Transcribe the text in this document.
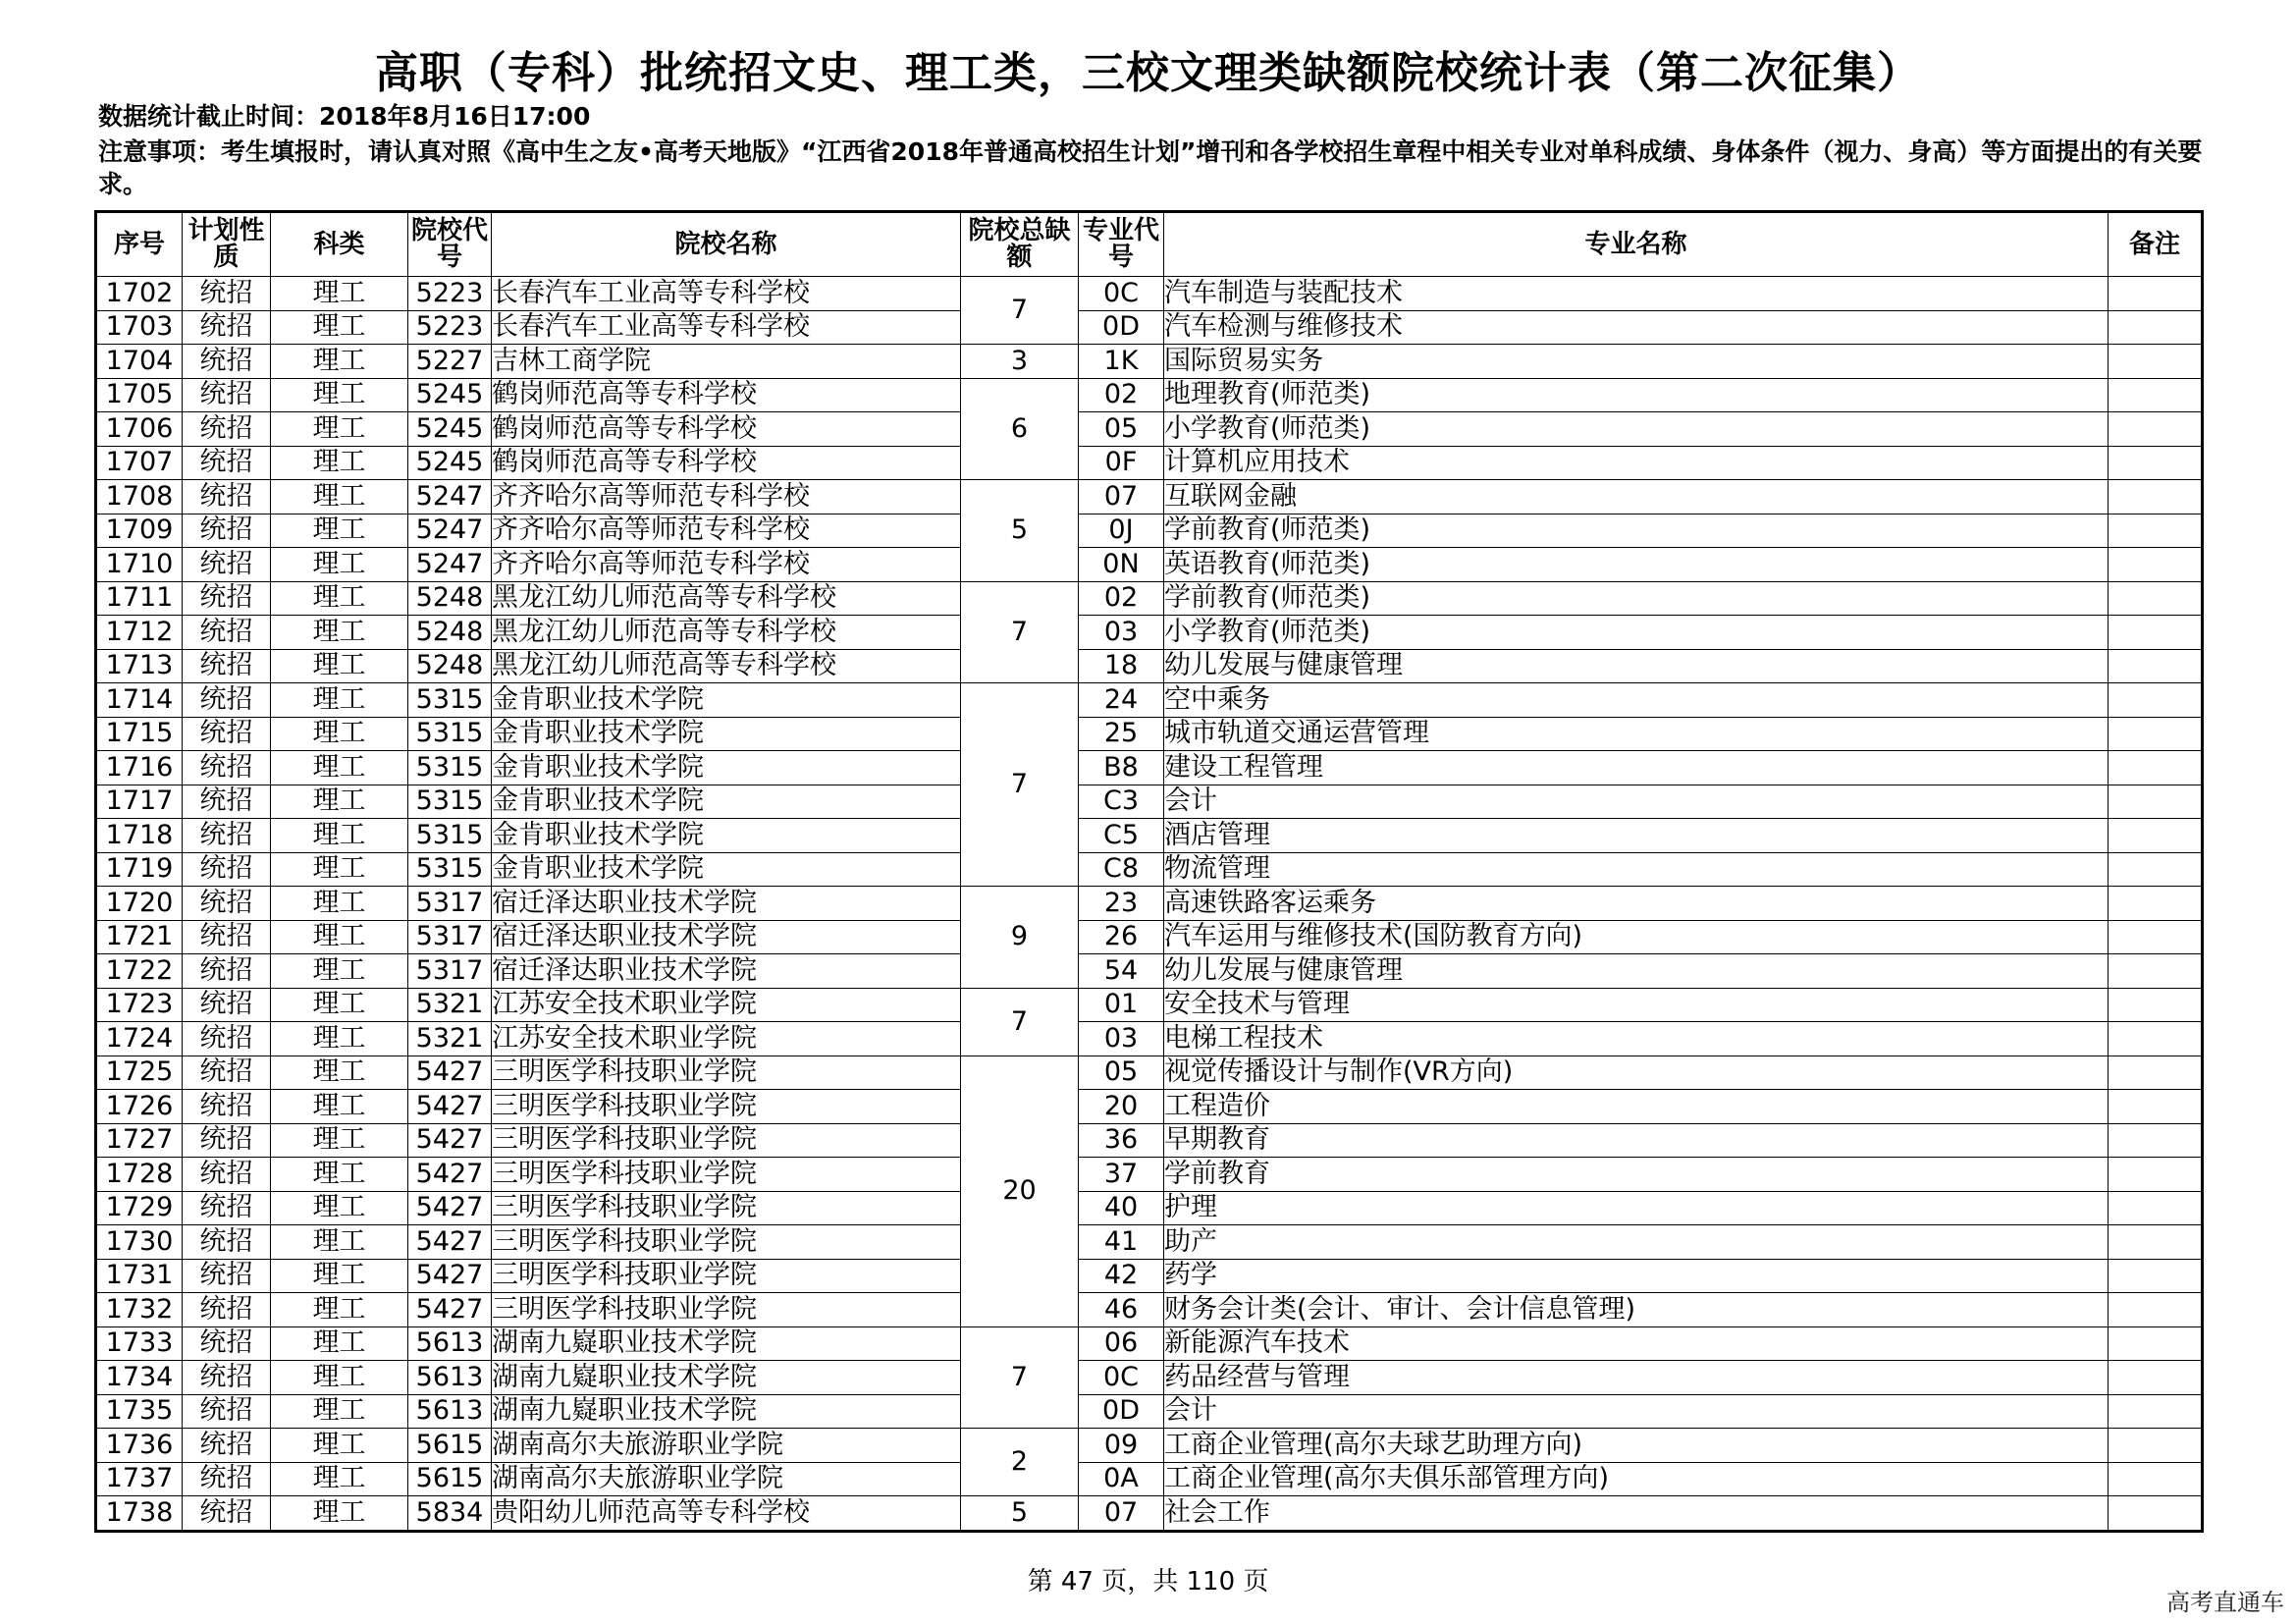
高职（专科）批统招文史、理工类，三校文理类缺额院校统计表（第二次征集）
数据统计截止时间：2018年8月16日17:00
注意事项：考生填报时，请认真对照《高中生之友•高考天地版》“江西省2018年普通高校招生计划”增刊和各学校招生章程中相关专业对单科成绩、身体条件（视力、身高）等方面提出的有关要求。
序号	计划性质	科类	院校代号	院校名称	院校总缺额	专业代号	专业名称	备注
1702	统招	理工	5223	长春汽车工业高等专科学校	7	0C	汽车制造与装配技术	
1703	统招	理工	5223	长春汽车工业高等专科学校		0D	汽车检测与维修技术	
1704	统招	理工	5227	吉林工商学院	3	1K	国际贸易实务	
1705	统招	理工	5245	鹤岗师范高等专科学校	6	02	地理教育(师范类)	
1706	统招	理工	5245	鹤岗师范高等专科学校		05	小学教育(师范类)	
1707	统招	理工	5245	鹤岗师范高等专科学校		0F	计算机应用技术	
1708	统招	理工	5247	齐齐哈尔高等师范专科学校	5	07	互联网金融	
1709	统招	理工	5247	齐齐哈尔高等师范专科学校		0J	学前教育(师范类)	
1710	统招	理工	5247	齐齐哈尔高等师范专科学校		0N	英语教育(师范类)	
1711	统招	理工	5248	黑龙江幼儿师范高等专科学校	7	02	学前教育(师范类)	
1712	统招	理工	5248	黑龙江幼儿师范高等专科学校		03	小学教育(师范类)	
1713	统招	理工	5248	黑龙江幼儿师范高等专科学校		18	幼儿发展与健康管理	
1714	统招	理工	5315	金肯职业技术学院	7	24	空中乘务	
1715	统招	理工	5315	金肯职业技术学院		25	城市轨道交通运营管理	
1716	统招	理工	5315	金肯职业技术学院		B8	建设工程管理	
1717	统招	理工	5315	金肯职业技术学院		C3	会计	
1718	统招	理工	5315	金肯职业技术学院		C5	酒店管理	
1719	统招	理工	5315	金肯职业技术学院		C8	物流管理	
1720	统招	理工	5317	宿迁泽达职业技术学院	9	23	高速铁路客运乘务	
1721	统招	理工	5317	宿迁泽达职业技术学院		26	汽车运用与维修技术(国防教育方向)	
1722	统招	理工	5317	宿迁泽达职业技术学院		54	幼儿发展与健康管理	
1723	统招	理工	5321	江苏安全技术职业学院	7	01	安全技术与管理	
1724	统招	理工	5321	江苏安全技术职业学院		03	电梯工程技术	
1725	统招	理工	5427	三明医学科技职业学院	20	05	视觉传播设计与制作(VR方向)	
1726	统招	理工	5427	三明医学科技职业学院		20	工程造价	
1727	统招	理工	5427	三明医学科技职业学院		36	早期教育	
1728	统招	理工	5427	三明医学科技职业学院		37	学前教育	
1729	统招	理工	5427	三明医学科技职业学院		40	护理	
1730	统招	理工	5427	三明医学科技职业学院		41	助产	
1731	统招	理工	5427	三明医学科技职业学院		42	药学	
1732	统招	理工	5427	三明医学科技职业学院		46	财务会计类(会计、审计、会计信息管理)	
1733	统招	理工	5613	湖南九嶷职业技术学院	7	06	新能源汽车技术	
1734	统招	理工	5613	湖南九嶷职业技术学院		0C	药品经营与管理	
1735	统招	理工	5613	湖南九嶷职业技术学院		0D	会计	
1736	统招	理工	5615	湖南高尔夫旅游职业学院	2	09	工商企业管理(高尔夫球艺助理方向)	
1737	统招	理工	5615	湖南高尔夫旅游职业学院		0A	工商企业管理(高尔夫俱乐部管理方向)	
1738	统招	理工	5834	贵阳幼儿师范高等专科学校	5	07	社会工作	
第 47 页，共 110 页
高考直通车
